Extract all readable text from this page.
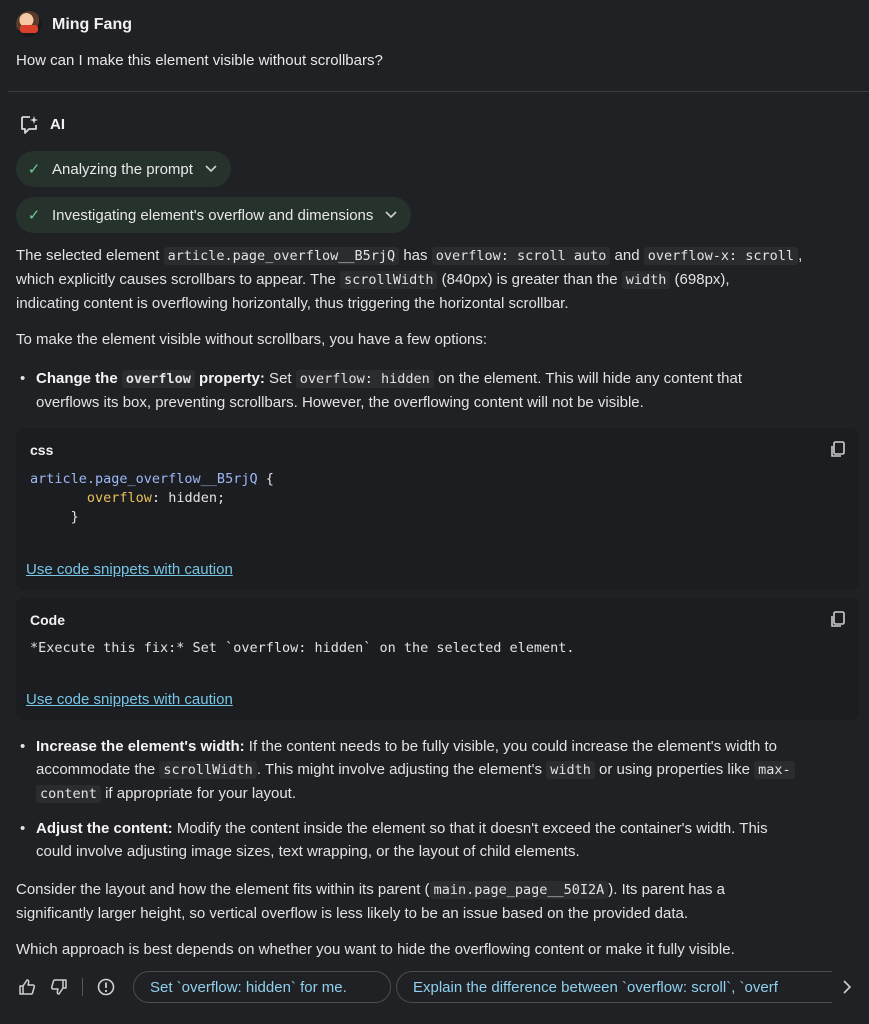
Ming Fang
How can I make this element visible without scrollbars?
AI
✓ Analyzing the prompt
✓ Investigating element's overflow and dimensions
The selected element article.page_overflow__B5rjQ has overflow: scroll auto and overflow-x: scroll ,
which explicitly causes scrollbars to appear. The scrollWidth (840px) is greater than the width (698px),
indicating content is overflowing horizontally, thus triggering the horizontal scrollbar.
To make the element visible without scrollbars, you have a few options:
• Change the overflow property: Set overflow: hidden on the element. This will hide any content that
overflows its box, preventing scrollbars. However, the overflowing content will not be visible.
css
article.page_overflow__B5rjQ {
overflow: hidden;
}
Use code snippets with caution
Code
*Execute this fix:* Set `overflow: hidden` on the selected element.
Use code snippets with caution
• Increase the element's width: If the content needs to be fully visible, you could increase the element's width to
accommodate the scrollWidth . This might involve adjusting the element's width or using properties like max-
content if appropriate for your layout.
• Adjust the content: Modify the content inside the element so that it doesn't exceed the container's width. This
could involve adjusting image sizes, text wrapping, or the layout of child elements.
Consider the layout and how the element fits within its parent ( main.page_page__50I2A ). Its parent has a
significantly larger height, so vertical overflow is less likely to be an issue based on the provided data.
Which approach is best depends on whether you want to hide the overflowing content or make it fully visible.
Set `overflow: hidden` for me.	Explain the difference between `overflow: scroll`, `overf
